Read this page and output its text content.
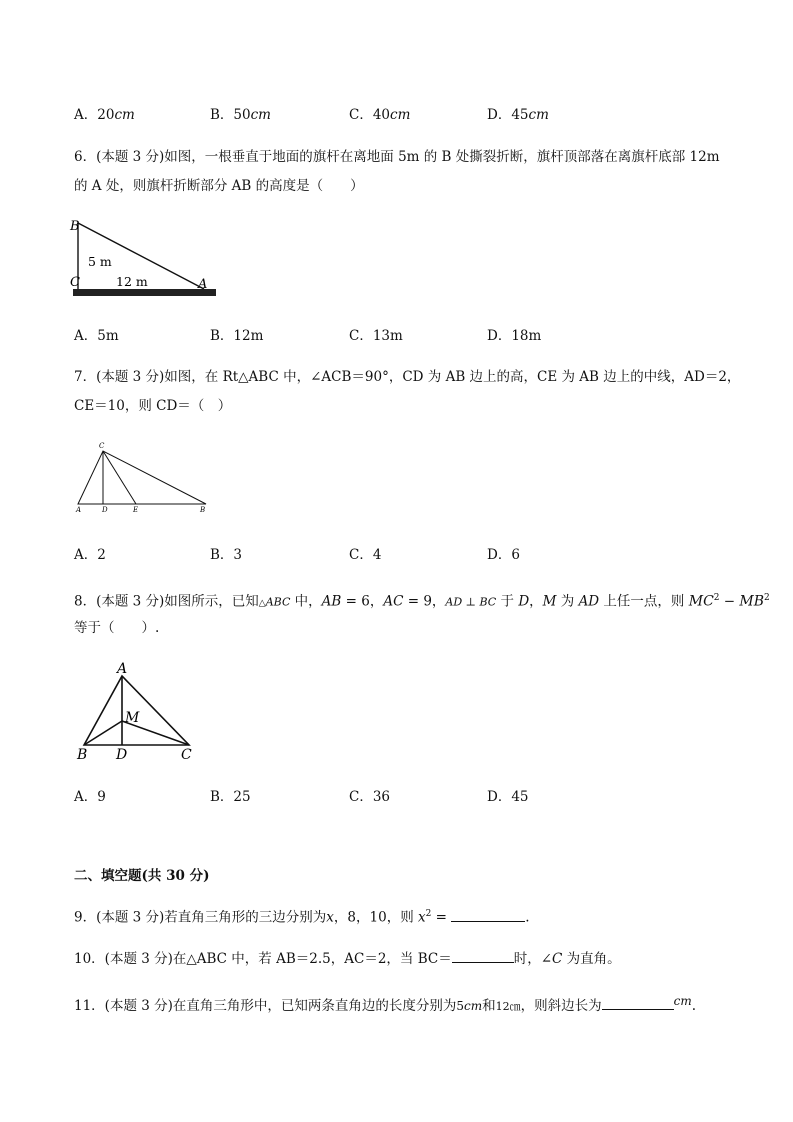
A．20cm	B．50cm	C．40cm	D．45cm
6．(本题 3 分)如图，一根垂直于地面的旗杆在离地面 5m 的 B 处撕裂折断，旗杆顶部落在离旗杆底部 12m
的 A 处，则旗杆折断部分 AB 的高度是（　　）
B
C	A
5 m
12 m
A．5m	B．12m	C．13m	D．18m
7．(本题 3 分)如图，在 Rt△ABC 中，∠ACB＝90°，CD 为 AB 边上的高，CE 为 AB 边上的中线，AD＝2，
CE＝10，则 CD＝（　）
C
A	D	E	B
A．2	B．3	C．4	D．6
8．(本题 3 分)如图所示，已知△ABC 中，AB = 6，AC = 9，AD ⊥ BC 于 D，M 为 AD 上任一点，则 $MC^2 - MB^2$
等于（　　）.
A
M
B D	C
A．9	B．25	C．36	D．45
二、填空题(共 30 分)
9．(本题 3 分)若直角三角形的三边分别为x，8，10，则 $x^2$ =	.
10．(本题 3 分)在△ABC 中，若 AB＝2.5，AC＝2，当 BC＝	时，∠C 为直角。
11．(本题 3 分)在直角三角形中，已知两条直角边的长度分别为5cm和12㎝，则斜边长为	cm.
